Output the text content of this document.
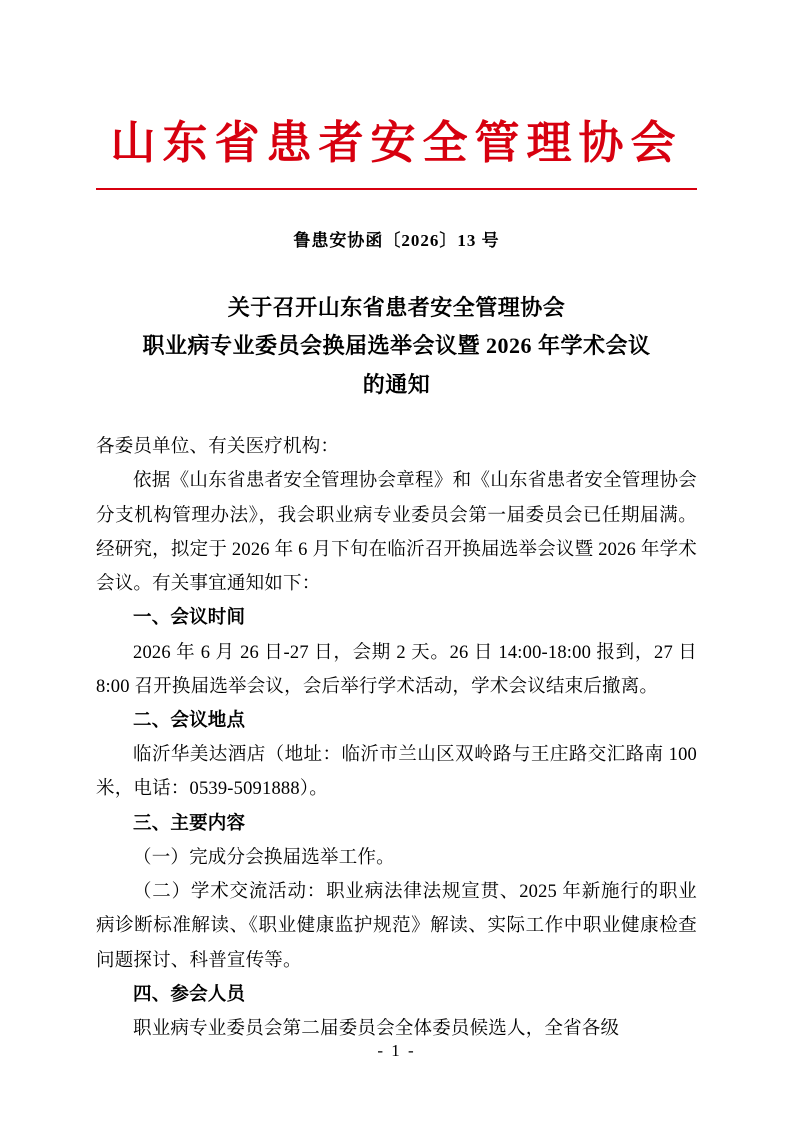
山东省患者安全管理协会
鲁患安协函〔2026〕13 号
关于召开山东省患者安全管理协会
职业病专业委员会换届选举会议暨 2026 年学术会议
的通知

各委员单位、有关医疗机构：

依据《山东省患者安全管理协会章程》和《山东省患者安全管理协会分支机构管理办法》，我会职业病专业委员会第一届委员会已任期届满。经研究，拟定于 2026 年 6 月下旬在临沂召开换届选举会议暨 2026 年学术会议。有关事宜通知如下：

一、会议时间

2026 年 6 月 26 日-27 日，会期 2 天。26 日 14:00-18:00 报到，27 日 8:00 召开换届选举会议，会后举行学术活动，学术会议结束后撤离。

二、会议地点

临沂华美达酒店（地址：临沂市兰山区双岭路与王庄路交汇路南 100 米，电话：0539-5091888）。

三、主要内容

（一）完成分会换届选举工作。

（二）学术交流活动：职业病法律法规宣贯、2025 年新施行的职业病诊断标准解读、《职业健康监护规范》解读、实际工作中职业健康检查问题探讨、科普宣传等。

四、参会人员

职业病专业委员会第二届委员会全体委员候选人，全省各级

- 1 -
